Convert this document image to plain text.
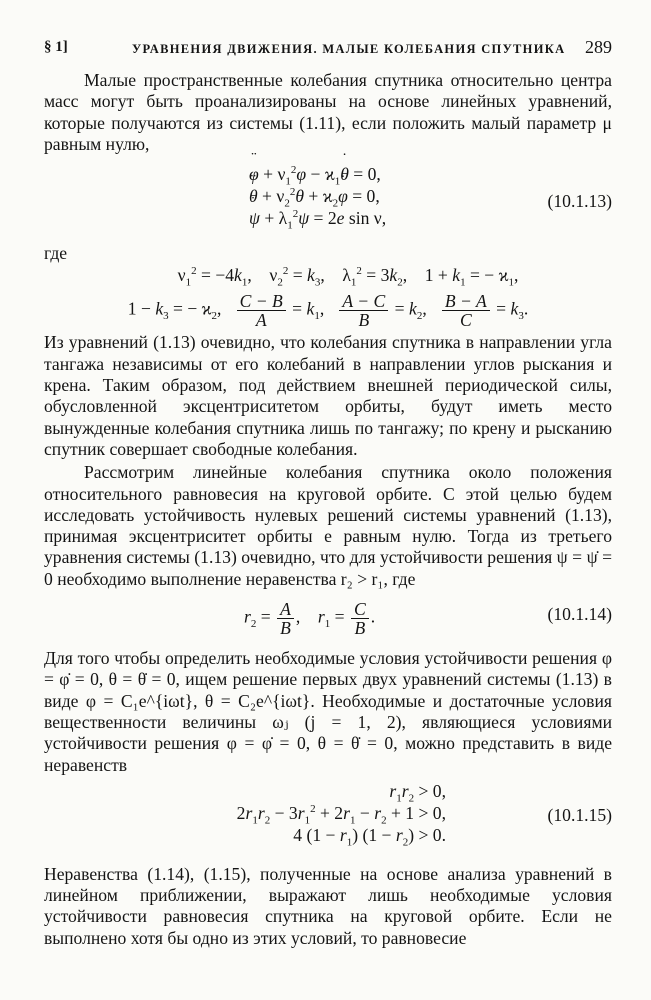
§ 1]	УРАВНЕНИЯ ДВИЖЕНИЯ. МАЛЫЕ КОЛЕБАНИЯ СПУТНИКА 289

Малые пространственные колебания спутника относительно центра масс могут быть проанализированы на основе линейных уравнений, которые получаются из системы (1.11), если положить малый параметр μ равным нулю,

¨ $\varphi + \nu_1^2\varphi$ − $ϰ_1˙$ θ = 0,
¨ $\theta + \nu_2^2\theta$ + $ϰ_2˙$ φ = 0,
¨ $\psi + \lambda_1^2\psi = 2e$ sin ν,
(10.1.13)

где

$\nu_1^2 = -4k_1$,    $\nu_2^2 = k_3$,    $\lambda_1^2 = 3k_2$,    $1 + k_1$ = − $ϰ_1$,
$1 - k_3$ = − $ϰ_2$, $\frac{C - B}{A} = k_1$, $\frac{A - C}{B} = k_2$, $\frac{B - A}{C} = k_3$.

Из уравнений (1.13) очевидно, что колебания спутника в направлении угла тангажа независимы от его колебаний в направлении углов рыскания и крена. Таким образом, под действием внешней периодической силы, обусловленной эксцентриситетом орбиты, будут иметь место вынужденные колебания спутника лишь по тангажу; по крену и рысканию спутник совершает свободные колебания.

Рассмотрим линейные колебания спутника около положения относительного равновесия на круговой орбите. С этой целью будем исследовать устойчивость нулевых решений системы уравнений (1.13), принимая эксцентриситет орбиты e равным нулю. Тогда из третьего уравнения системы (1.13) очевидно, что для устойчивости решения ψ = ψ̇ = 0 необходимо выполнение неравенства r₂ > r₁, где

$r_2 = \frac{A}{B}$ ,    $r_1 = \frac{C}{B}$ .	(10.1.14)

Для того чтобы определить необходимые условия устойчивости решения φ = φ̇ = 0, θ = θ̇ = 0, ищем решение первых двух уравнений системы (1.13) в виде φ = C₁e^{iωt}, θ = C₂e^{iωt}. Необходимые и достаточные условия вещественности величины ωⱼ (j = 1, 2), являющиеся условиями устойчивости решения φ = φ̇ = 0, θ = θ̇ = 0, можно представить в виде неравенств

$r_1r_2 > 0$,
$2r_1r_2 - 3r_1^2 + 2r_1 - r_2 + 1 > 0$,
4 $(1 - r_1)$ $(1 - r_2) > 0$.
(10.1.15)

Неравенства (1.14), (1.15), полученные на основе анализа уравнений в линейном приближении, выражают лишь необходимые условия устойчивости равновесия спутника на круговой орбите. Если не выполнено хотя бы одно из этих условий, то равновесие
